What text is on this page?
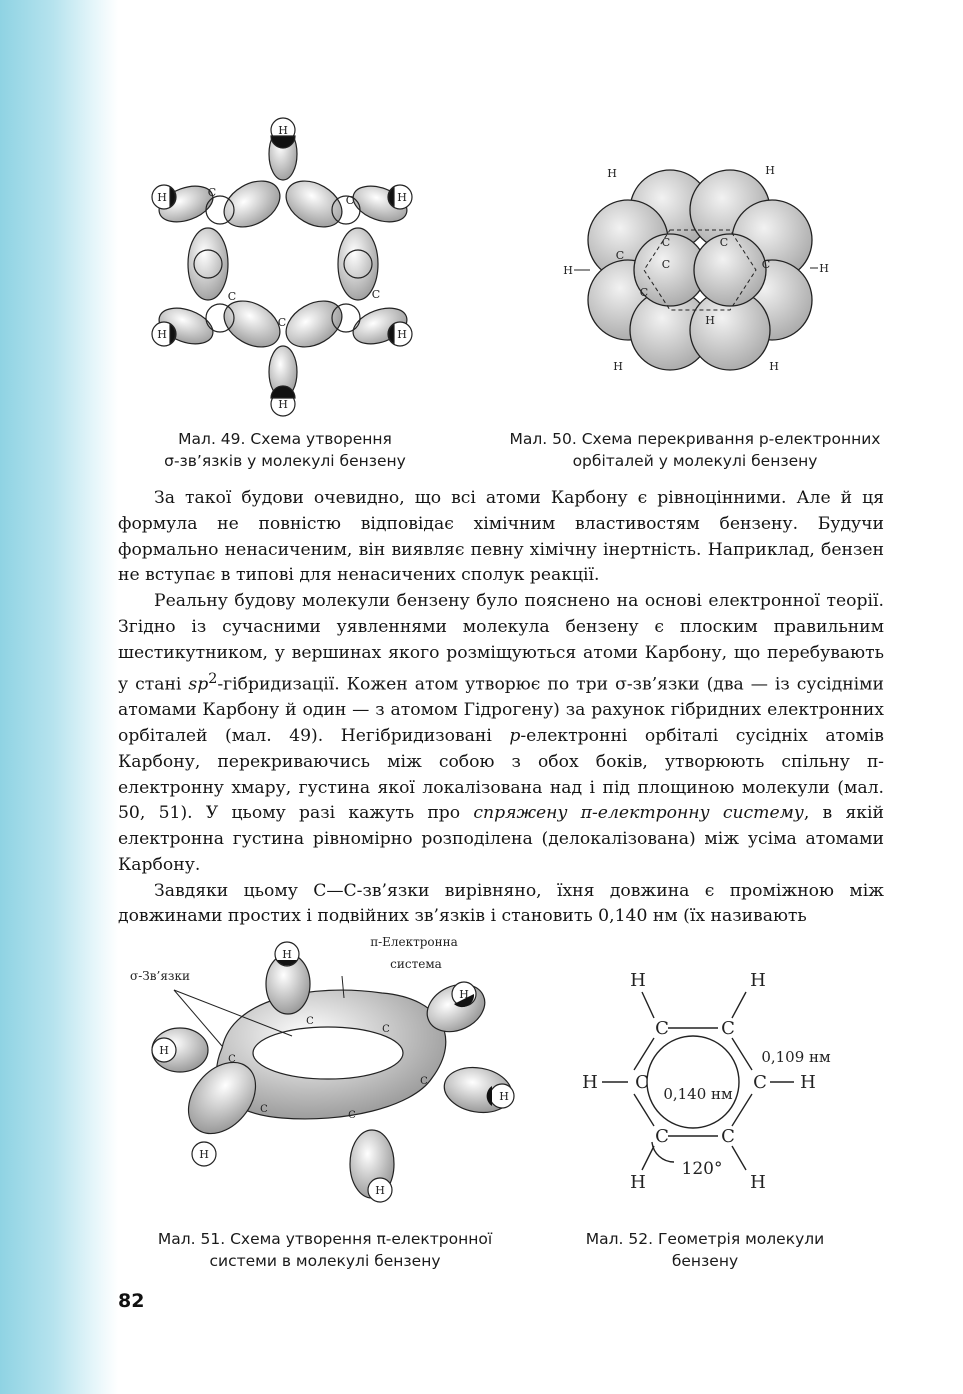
H
H	H
H	H
H
C
C
C	C
C
Мал. 49. Схема утворення
σ-зв’язків у молекулі бензену
H	H
H	H
H
H	H
C
C
C
C
C
C
Мал. 50. Схема перекривання p-електронних
орбіталей у молекулі бензену

За такої будови очевидно, що всі атоми Карбону є рівноцінними. Але й ця формула не повністю відповідає хімічним властивостям бензену. Будучи формально ненасиченим, він виявляє певну хімічну інертність. Наприклад, бензен не вступає в типові для ненасичених сполук реакції.

Реальну будову молекули бензену було пояснено на основі електронної теорії. Згідно із сучасними уявленнями молекула бензену є плоским правильним шестикутником, у вершинах якого розміщуються атоми Карбону, що перебувають у стані $sp^2$-гібридизації. Кожен атом утворює по три σ-зв’язки (два — із сусідніми атомами Карбону й один — з атомом Гідрогену) за рахунок гібридних електронних орбіталей (мал. 49). Негібридизовані p-електронні орбіталі сусідніх атомів Карбону, перекриваючись між собою з обох боків, утворюють спільну π-електронну хмару, густина якої локалізована над і під площиною молекули (мал. 50, 51). У цьому разі кажуть про спряжену π-електронну систему, в якій електронна густина рівномірно розподілена (делокалізована) між усіма атомами Карбону.

Завдяки цьому C—C-зв’язки вирівняно, їхня довжина є проміжною між довжинами простих і подвійних зв’язків і становить 0,140 нм (їх називають

σ-Зв’язки
π-Електронна
система
H
H
H
H
H
H
C
C
C
C
C
C
Мал. 51. Схема утворення π-електронної
системи в молекулі бензену
H	H
H	H
H	H
C	C
C	C
C	C
0,109 нм
0,140 нм
120°
Мал. 52. Геометрія молекули
бензену
82
